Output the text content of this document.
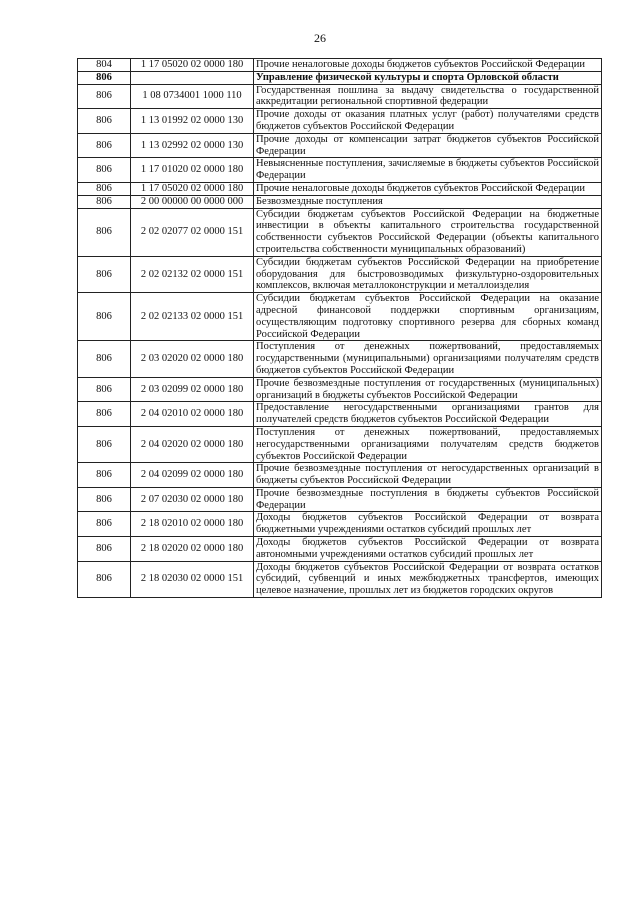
26
804	1 17 05020 02 0000 180	Прочие неналоговые доходы бюджетов субъектов Российской Федерации
806		Управление физической культуры и спорта Орловской области
806	1 08 0734001 1000 110	Государственная пошлина за выдачу свидетельства о государственной аккредитации региональной спортивной федерации
806	1 13 01992 02 0000 130	Прочие доходы от оказания платных услуг (работ) получателями средств бюджетов субъектов Российской Федерации
806	1 13 02992 02 0000 130	Прочие доходы от компенсации затрат бюджетов субъектов Российской Федерации
806	1 17 01020 02 0000 180	Невыясненные поступления, зачисляемые в бюджеты субъектов Российской Федерации
806	1 17 05020 02 0000 180	Прочие неналоговые доходы бюджетов субъектов Российской Федерации
806	2 00 00000 00 0000 000	Безвозмездные поступления
806	2 02 02077 02 0000 151	Субсидии бюджетам субъектов Российской Федерации на бюджетные инвестиции в объекты капитального строительства государственной собственности субъектов Российской Федерации (объекты капитального строительства собственности муниципальных образований)
806	2 02 02132 02 0000 151	Субсидии бюджетам субъектов Российской Федерации на приобретение оборудования для быстровозводимых физкультурно-оздоровительных комплексов, включая металлоконструкции и металлоизделия
806	2 02 02133 02 0000 151	Субсидии бюджетам субъектов Российской Федерации на оказание адресной финансовой поддержки спортивным организациям, осуществляющим подготовку спортивного резерва для сборных команд Российской Федерации
806	2 03 02020 02 0000 180	Поступления от денежных пожертвований, предоставляемых государственными (муниципальными) организациями получателям средств бюджетов субъектов Российской Федерации
806	2 03 02099 02 0000 180	Прочие безвозмездные поступления от государственных (муниципальных) организаций в бюджеты субъектов Российской Федерации
806	2 04 02010 02 0000 180	Предоставление негосударственными организациями грантов для получателей средств бюджетов субъектов Российской Федерации
806	2 04 02020 02 0000 180	Поступления от денежных пожертвований, предоставляемых негосударственными организациями получателям средств бюджетов субъектов Российской Федерации
806	2 04 02099 02 0000 180	Прочие безвозмездные поступления от негосударственных организаций в бюджеты субъектов Российской Федерации
806	2 07 02030 02 0000 180	Прочие безвозмездные поступления в бюджеты субъектов Российской Федерации
806	2 18 02010 02 0000 180	Доходы бюджетов субъектов Российской Федерации от возврата бюджетными учреждениями остатков субсидий прошлых лет
806	2 18 02020 02 0000 180	Доходы бюджетов субъектов Российской Федерации от возврата автономными учреждениями остатков субсидий прошлых лет
806	2 18 02030 02 0000 151	Доходы бюджетов субъектов Российской Федерации от возврата остатков субсидий, субвенций и иных межбюджетных трансфертов, имеющих целевое назначение, прошлых лет из бюджетов городских округов
